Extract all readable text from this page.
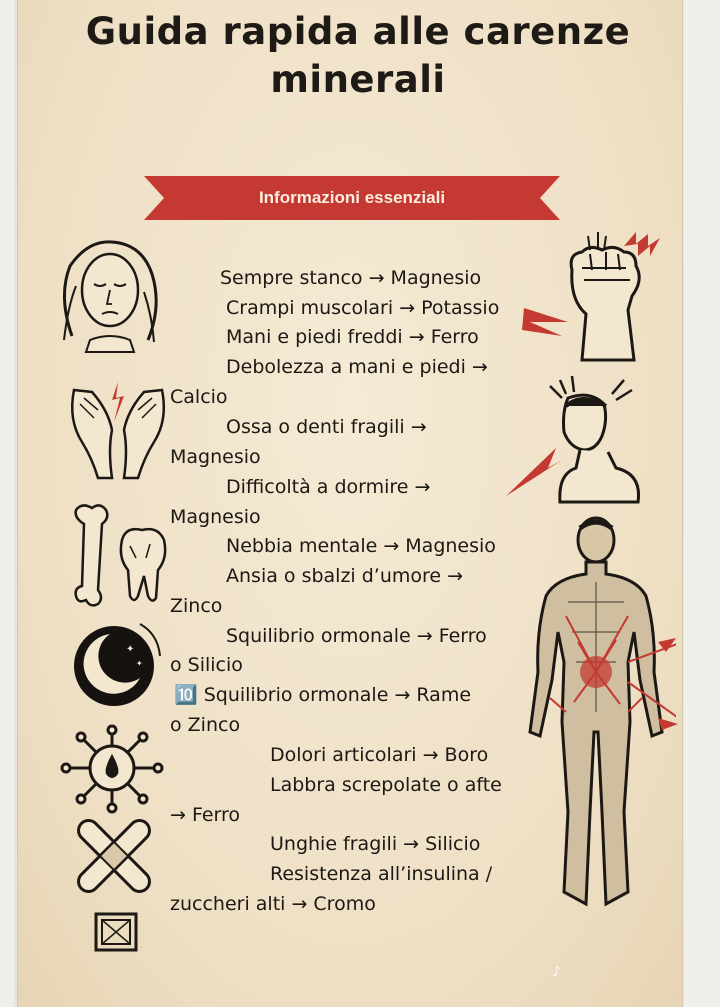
Guida rapida alle carenze minerali
Informazioni essenziali
Sempre stanco → Magnesio
Crampi muscolari → Potassio
Mani e piedi freddi → Ferro
Debolezza a mani e piedi →
Calcio
Ossa o denti fragili →
Magnesio
Difficoltà a dormire →
Magnesio
Nebbia mentale → Magnesio
Ansia o sbalzi d’umore →
Zinco
Squilibrio ormonale → Ferro
o Silicio
🔟 Squilibrio ormonale → Rame
o Zinco
Dolori articolari → Boro
Labbra screpolate o afte
→ Ferro
Unghie fragili → Silicio
Resistenza all’insulina /
zuccheri alti → Cromo
✦
✦
✦
♪
